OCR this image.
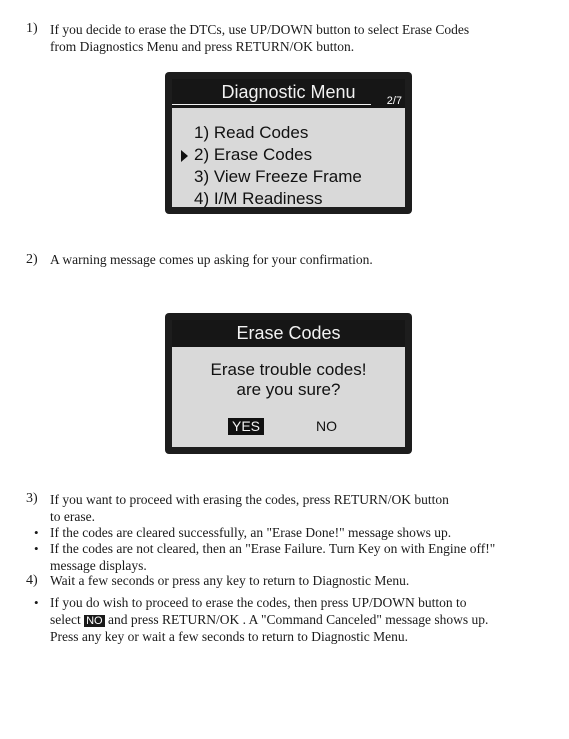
1) If you decide to erase the DTCs, use UP/DOWN button to select Erase Codes
from Diagnostics Menu and press RETURN/OK button.
Diagnostic Menu	2/7
1) Read Codes
2) Erase Codes
3) View Freeze Frame
4) I/M Readiness
2) A warning message comes up asking for your confirmation.
Erase Codes
Erase trouble codes!
are you sure?
YES	NO
3) If you want to proceed with erasing the codes, press RETURN/OK button
to erase.
• If the codes are cleared successfully, an "Erase Done!" message shows up.
• If the codes are not cleared, then an "Erase Failure. Turn Key on with Engine off!"
message displays.
4) Wait a few seconds or press any key to return to Diagnostic Menu.
• If you do wish to proceed to erase the codes, then press UP/DOWN button to
select NO and press RETURN/OK . A "Command Canceled" message shows up.
Press any key or wait a few seconds to return to Diagnostic Menu.
